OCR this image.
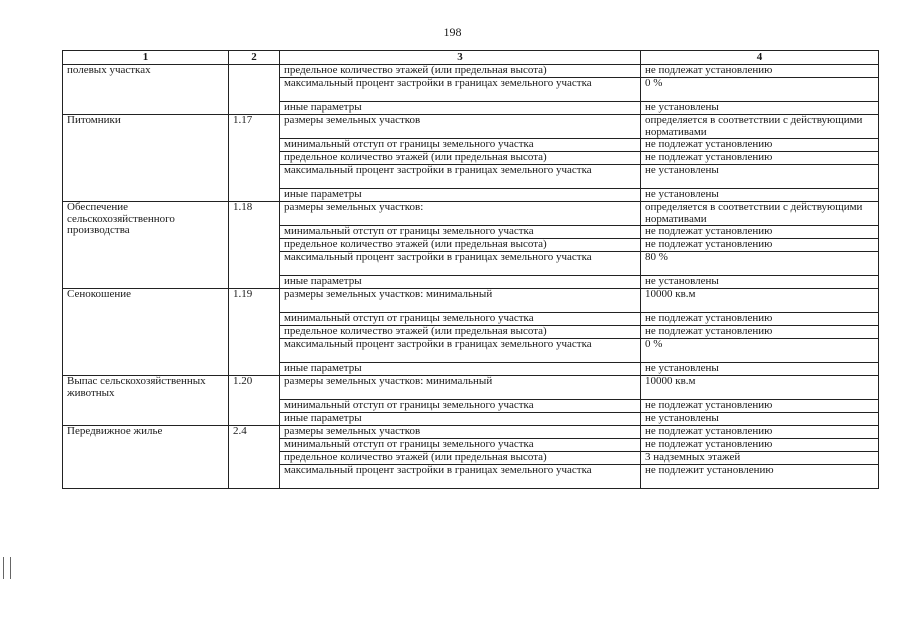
198
1	2	3	4
полевых участках		предельное количество этажей (или предельная высота)	не подлежат установлению
		максимальный процент застройки в границах земельного участка	0 %
		иные параметры	не установлены
Питомники	1.17	размеры земельных участков	определяется в соответствии с действующими нормативами
		минимальный отступ от границы земельного участка	не подлежат установлению
		предельное количество этажей (или предельная высота)	не подлежат установлению
		максимальный процент застройки в границах земельного участка	не установлены
		иные параметры	не установлены
Обеспечение сельскохозяйственного производства	1.18	размеры земельных участков:	определяется в соответствии с действующими нормативами
		минимальный отступ от границы земельного участка	не подлежат установлению
		предельное количество этажей (или предельная высота)	не подлежат установлению
		максимальный процент застройки в границах земельного участка	80 %
		иные параметры	не установлены
Сенокошение	1.19	размеры земельных участков: минимальный	10000 кв.м
		минимальный отступ от границы земельного участка	не подлежат установлению
		предельное количество этажей (или предельная высота)	не подлежат установлению
		максимальный процент застройки в границах земельного участка	0 %
		иные параметры	не установлены
Выпас сельскохозяйственных животных	1.20	размеры земельных участков: минимальный	10000 кв.м
		минимальный отступ от границы земельного участка	не подлежат установлению
		иные параметры	не установлены
Передвижное жилье	2.4	размеры земельных участков	не подлежат установлению
		минимальный отступ от границы земельного участка	не подлежат установлению
		предельное количество этажей (или предельная высота)	3 надземных этажей
		максимальный процент застройки в границах земельного участка	не подлежит установлению
